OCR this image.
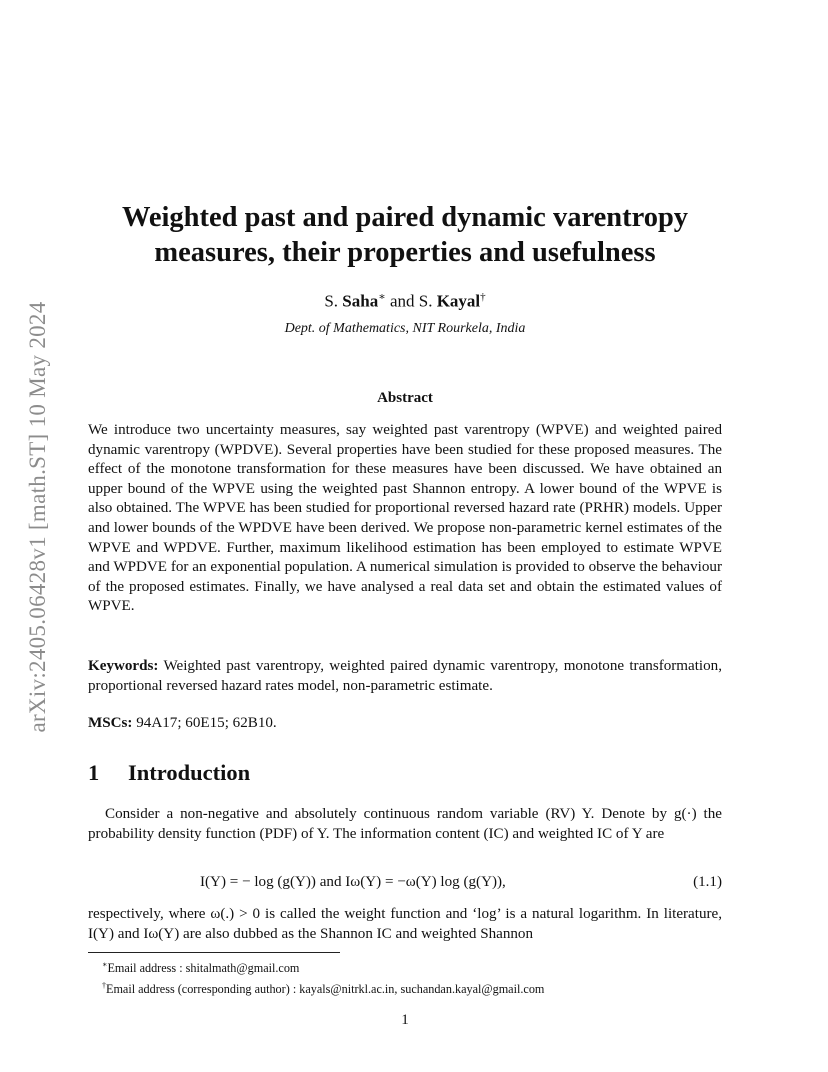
arXiv:2405.06428v1 [math.ST] 10 May 2024
Weighted past and paired dynamic varentropy
measures, their properties and usefulness
S. Saha∗ and S. Kayal†
Dept. of Mathematics, NIT Rourkela, India
Abstract
We introduce two uncertainty measures, say weighted past varentropy (WPVE) and weighted paired dynamic varentropy (WPDVE). Several properties have been studied for these proposed measures. The effect of the monotone transformation for these measures have been discussed. We have obtained an upper bound of the WPVE using the weighted past Shannon entropy. A lower bound of the WPVE is also obtained. The WPVE has been studied for proportional reversed hazard rate (PRHR) models. Upper and lower bounds of the WPDVE have been derived. We propose non-parametric kernel estimates of the WPVE and WPDVE. Further, maximum likelihood estimation has been employed to estimate WPVE and WPDVE for an exponential population. A numerical simulation is provided to observe the behaviour of the proposed estimates. Finally, we have analysed a real data set and obtain the estimated values of WPVE.
Keywords: Weighted past varentropy, weighted paired dynamic varentropy, monotone transformation, proportional reversed hazard rates model, non-parametric estimate.
MSCs: 94A17; 60E15; 62B10.
1 Introduction
Consider a non-negative and absolutely continuous random variable (RV) Y. Denote by g(·) the probability density function (PDF) of Y. The information content (IC) and weighted IC of Y are
I(Y) = − log (g(Y)) and Iω(Y) = −ω(Y) log (g(Y)),	(1.1)
respectively, where ω(.) > 0 is called the weight function and ‘log’ is a natural logarithm. In literature, I(Y) and Iω(Y) are also dubbed as the Shannon IC and weighted Shannon
∗Email address : shitalmath@gmail.com
†Email address (corresponding author) : kayals@nitrkl.ac.in, suchandan.kayal@gmail.com
1
